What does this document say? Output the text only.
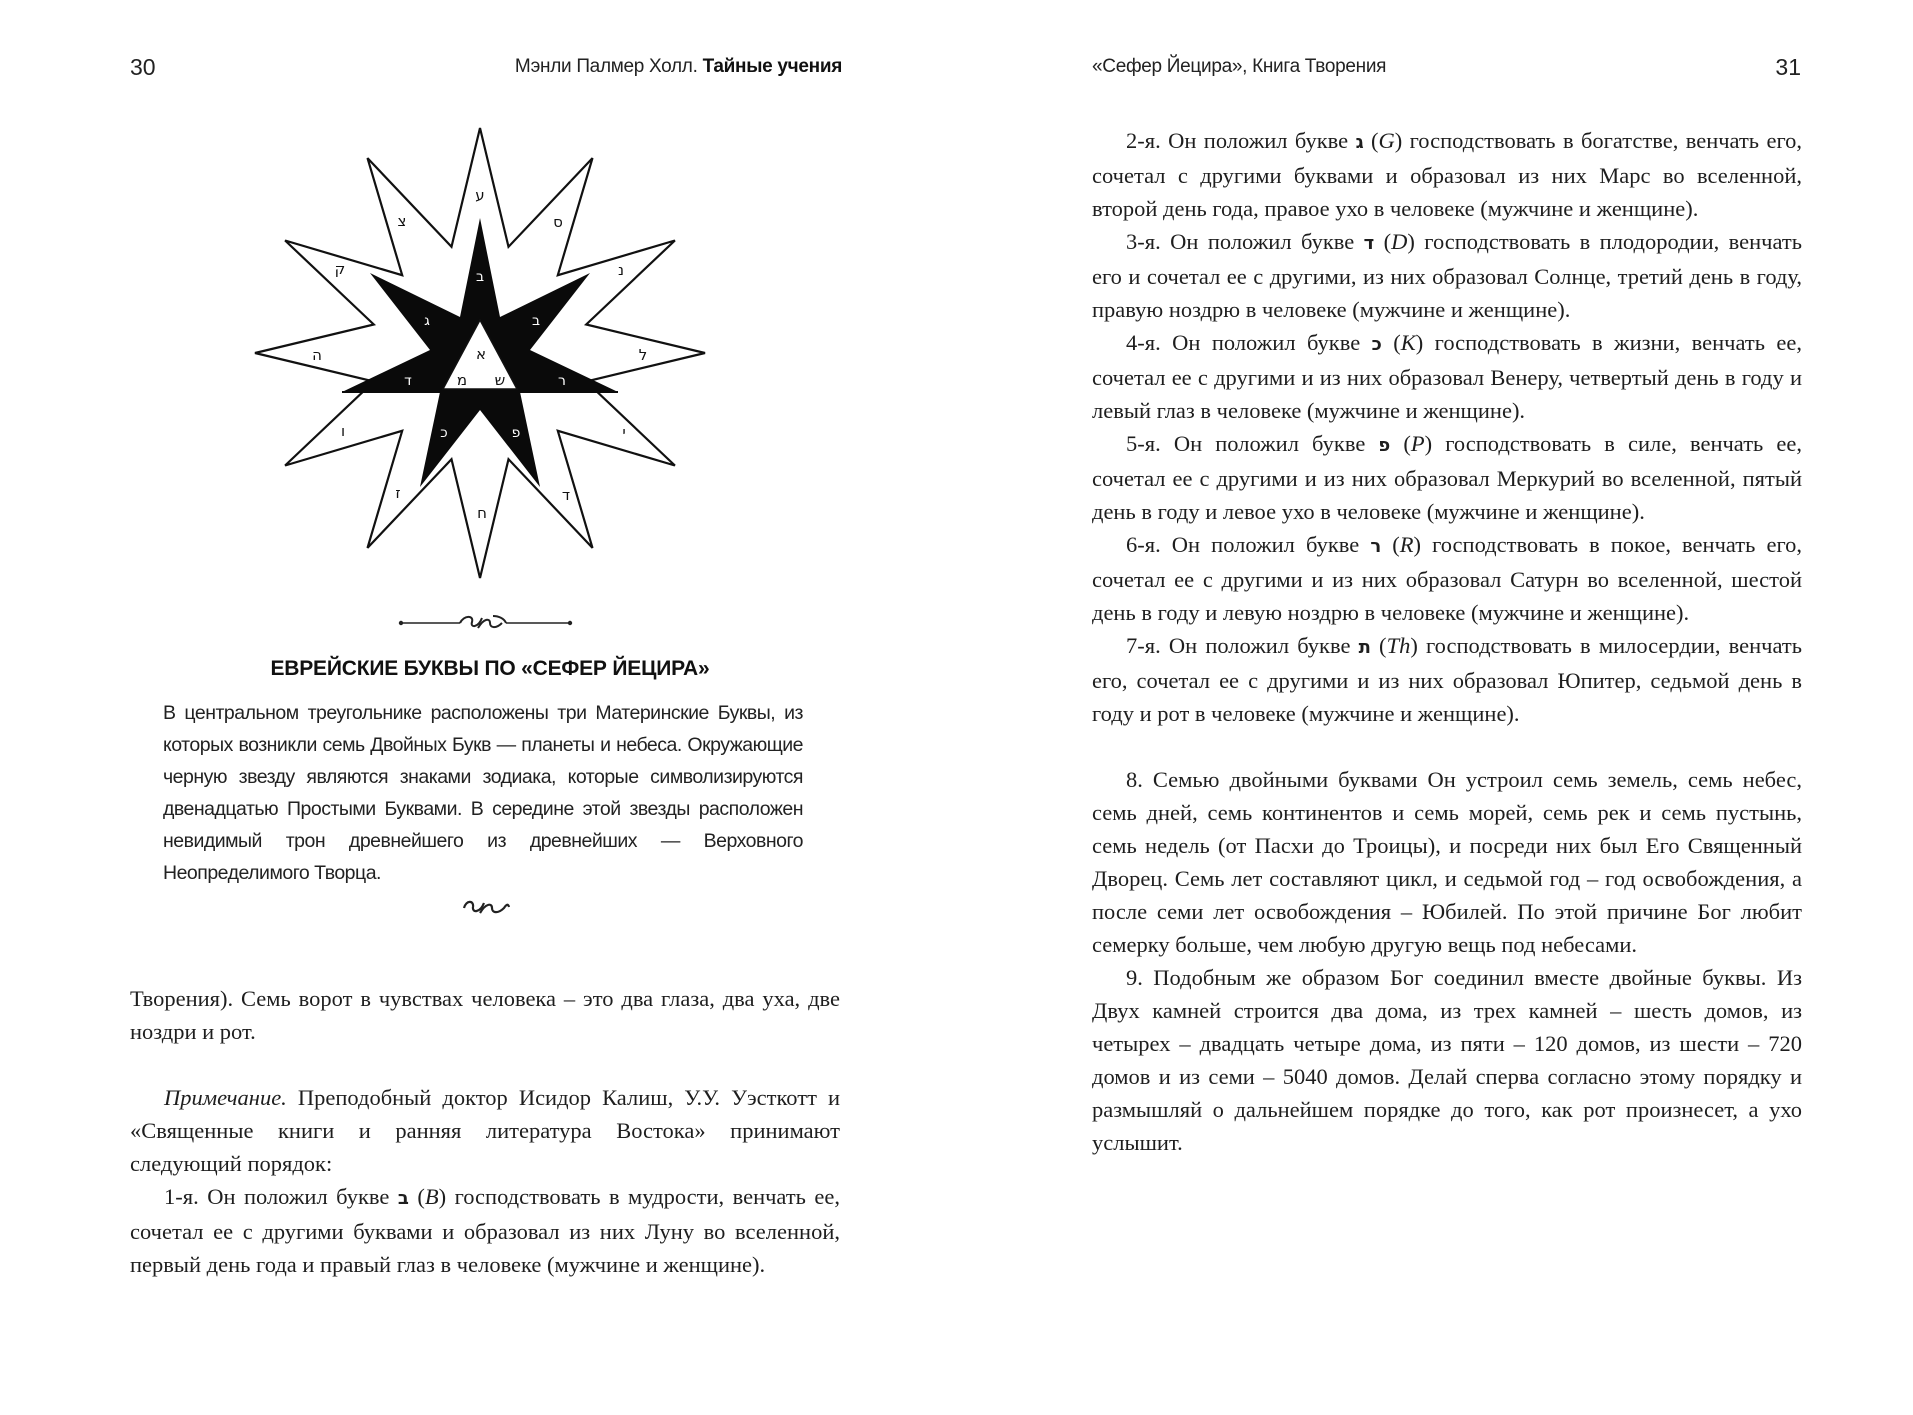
30	Мэнли Палмер Холл. Тайные учения
ע
ס
נ
ל
י
ד
ח
ז
ו
ה
ק
צ
ב
ג	ב
ד	ר
כ	פ
א
מ ש
ЕВРЕЙСКИЕ БУКВЫ ПО «СЕФЕР ЙЕЦИРА»
В центральном треугольнике расположены три Материнские Буквы, из которых возникли семь Двойных Букв — планеты и небеса. Окружающие черную звезду являются знаками зодиака, которые символизируются двенадцатью Простыми Буквами. В середине этой звезды расположен невидимый трон древнейшего из древнейших — Верховного Неопределимого Творца.

Творения). Семь ворот в чувствах человека – это два глаза, два уха, две ноздри и рот.

Примечание. Преподобный доктор Исидор Калиш, У.У. Уэсткотт и «Священные книги и ранняя литература Востока» принимают следующий порядок:

1-я. Он положил букве ב (B) господствовать в мудрости, венчать ее, сочетал ее с другими буквами и образовал из них Луну во вселенной, первый день года и правый глаз в человеке (мужчине и женщине).

«Сефер Йецира», Книга Творения	31

2-я. Он положил букве ג (G) господствовать в богатстве, венчать его, сочетал с другими буквами и образовал из них Марс во вселенной, второй день года, правое ухо в человеке (мужчине и женщине).

3-я. Он положил букве ד (D) господствовать в плодородии, венчать его и сочетал ее с другими, из них образовал Солнце, третий день в году, правую ноздрю в человеке (мужчине и женщине).

4-я. Он положил букве כ (K) господствовать в жизни, венчать ее, сочетал ее с другими и из них образовал Венеру, четвертый день в году и левый глаз в человеке (мужчине и женщине).

5-я. Он положил букве פ (P) господствовать в силе, венчать ее, сочетал ее с другими и из них образовал Меркурий во вселенной, пятый день в году и левое ухо в человеке (мужчине и женщине).

6-я. Он положил букве ר (R) господствовать в покое, венчать его, сочетал ее с другими и из них образовал Сатурн во вселенной, шестой день в году и левую ноздрю в человеке (мужчине и женщине).

7-я. Он положил букве ת (Th) господствовать в милосердии, венчать его, сочетал ее с другими и из них образовал Юпитер, седьмой день в году и рот в человеке (мужчине и женщине).

8. Семью двойными буквами Он устроил семь земель, семь небес, семь дней, семь континентов и семь морей, семь рек и семь пустынь, семь недель (от Пасхи до Троицы), и посреди них был Его Священный Дворец. Семь лет составляют цикл, и седьмой год – год освобождения, а после семи лет освобождения – Юбилей. По этой причине Бог любит семерку больше, чем любую другую вещь под небесами.

9. Подобным же образом Бог соединил вместе двойные буквы. Из Двух камней строится два дома, из трех камней – шесть домов, из четырех – двадцать четыре дома, из пяти – 120 домов, из шести – 720 домов и из семи – 5040 домов. Делай сперва согласно этому порядку и размышляй о дальнейшем порядке до того, как рот произнесет, а ухо услышит.
